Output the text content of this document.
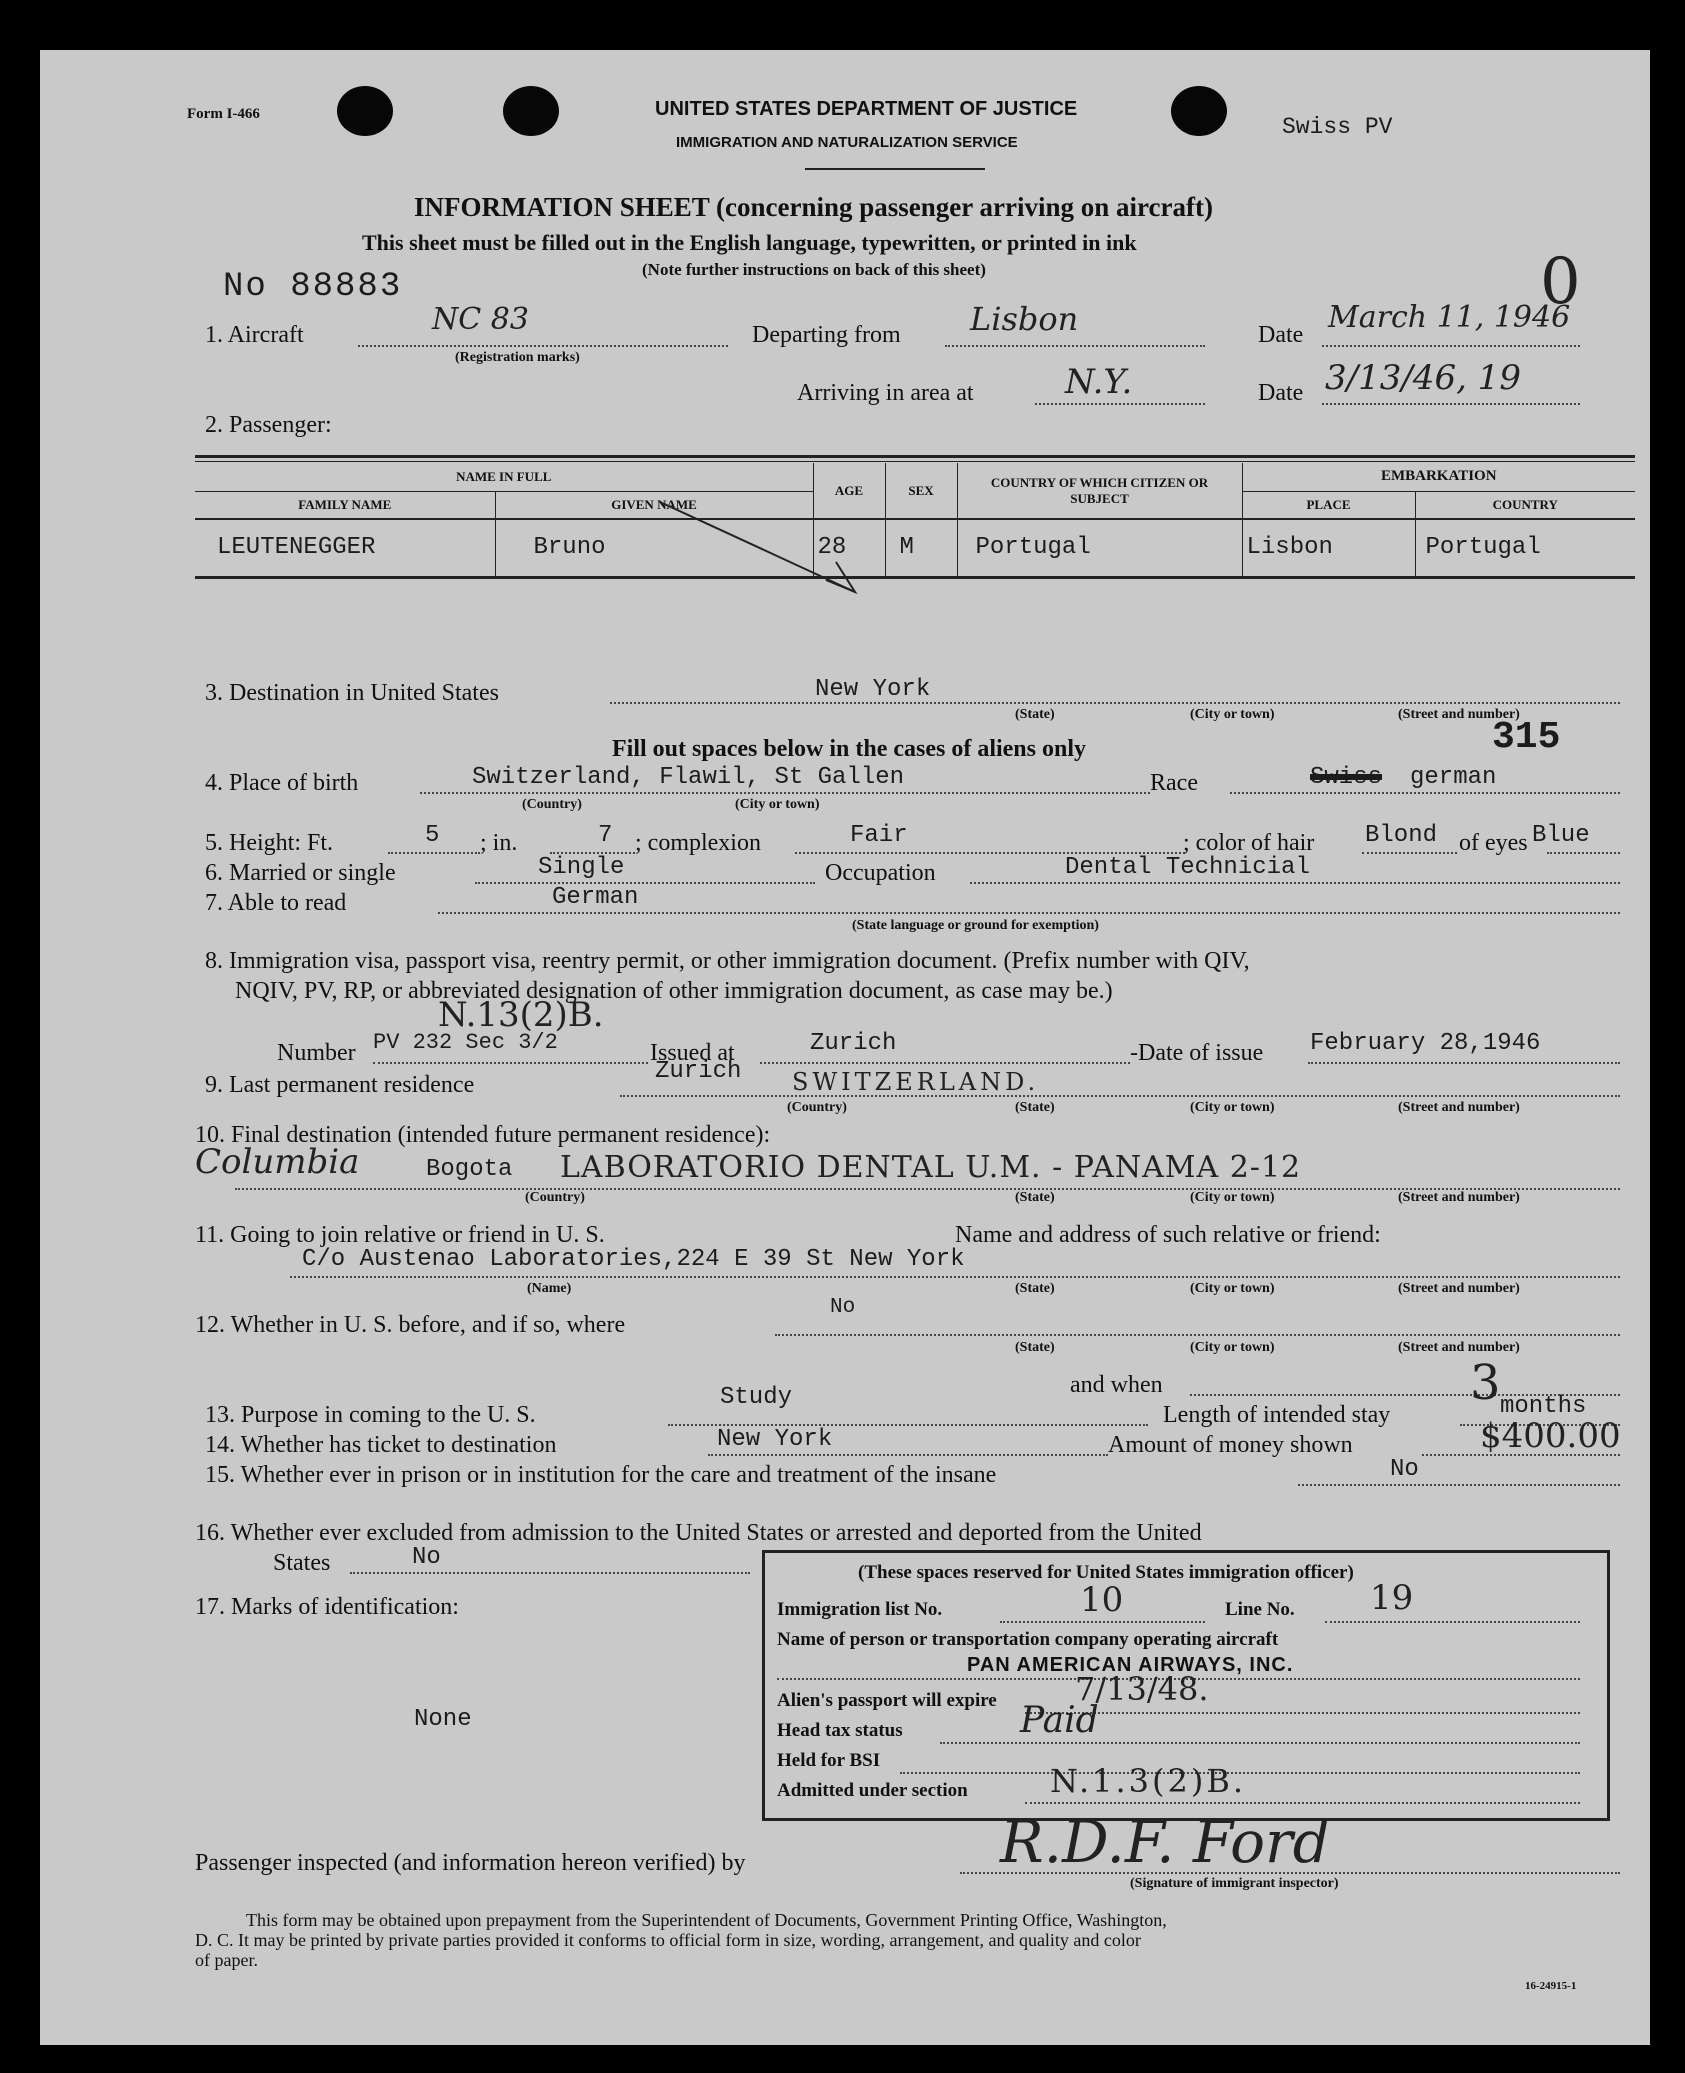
Form I-466	UNITED STATES DEPARTMENT OF JUSTICE
IMMIGRATION AND NATURALIZATION SERVICE
Swiss PV
INFORMATION SHEET (concerning passenger arriving on aircraft)
This sheet must be filled out in the English language, typewritten, or printed in ink
(Note further instructions on back of this sheet)
No 88883	0
1. Aircraft	NC 83
(Registration marks)
Departing from Lisbon	Date March 11, 1946
Arriving in area at	N.Y.	Date 3/13/46, 19
2. Passenger:
NAME IN FULL		AGE	SEX	COUNTRY OF WHICH CITIZEN OR SUBJECT	EMBARKATION	
FAMILY NAME	GIVEN NAME				PLACE	COUNTRY
LEUTENEGGER	Bruno	28	M	Portugal	Lisbon	Portugal
3. Destination in United States	New York
(State)	(City or town)	(Street and number)
315
Fill out spaces below in the cases of aliens only
4. Place of birth	Switzerland, Flawil, St Gallen
(Country)	(City or town)
Race	Swiss german
5. Height: Ft.	5 ; in.	7 ; complexion	Fair	; color of hair Blond of eyes Blue
6. Married or single	Single	Occupation	Dental Technicial
7. Able to read	German
(State language or ground for exemption)
8. Immigration visa, passport visa, reentry permit, or other immigration document. (Prefix number with QIV,
NQIV, PV, RP, or abbreviated designation of other immigration document, as case may be.)
N.13(2)B.
Number PV 232 Sec 3/2	Issued at	Zurich	-Date of issue February 28,1946
9. Last permanent residence	Zurich SWITZERLAND.
(Country)	(State)	(City or town)	(Street and number)
10. Final destination (intended future permanent residence):
Columbia	Bogota LABORATORIO DENTAL U.M. - PANAMA 2-12
(Country)	(State)	(City or town)	(Street and number)
11. Going to join relative or friend in U. S.	Name and address of such relative or friend:
C/o Austenao Laboratories,224 E 39 St New York
(Name)	(State)	(City or town)	(Street and number)
12. Whether in U. S. before, and if so, where
No
(State)	(City or town)	(Street and number)
and when
13. Purpose in coming to the U. S.
Study
Length of intended stay
3 months
14. Whether has ticket to destination	New York	Amount of money shown	$400.00
15. Whether ever in prison or in institution for the care and treatment of the insane	No
16. Whether ever excluded from admission to the United States or arrested and deported from the United
States	No
17. Marks of identification:
None
(These spaces reserved for United States immigration officer)
Immigration list No.	10	Line No. 19
Name of person or transportation company operating aircraft
PAN AMERICAN AIRWAYS, INC.
Alien's passport will expire 7/13/48.
Head tax status	Paid
Held for BSI
Admitted under section	N.1.3(2)B.
Passenger inspected (and information hereon verified) by	R.D.F. Ford
(Signature of immigrant inspector)
This form may be obtained upon prepayment from the Superintendent of Documents, Government Printing Office, Washington,
D. C. It may be printed by private parties provided it conforms to official form in size, wording, arrangement, and quality and color
of paper.
16-24915-1
